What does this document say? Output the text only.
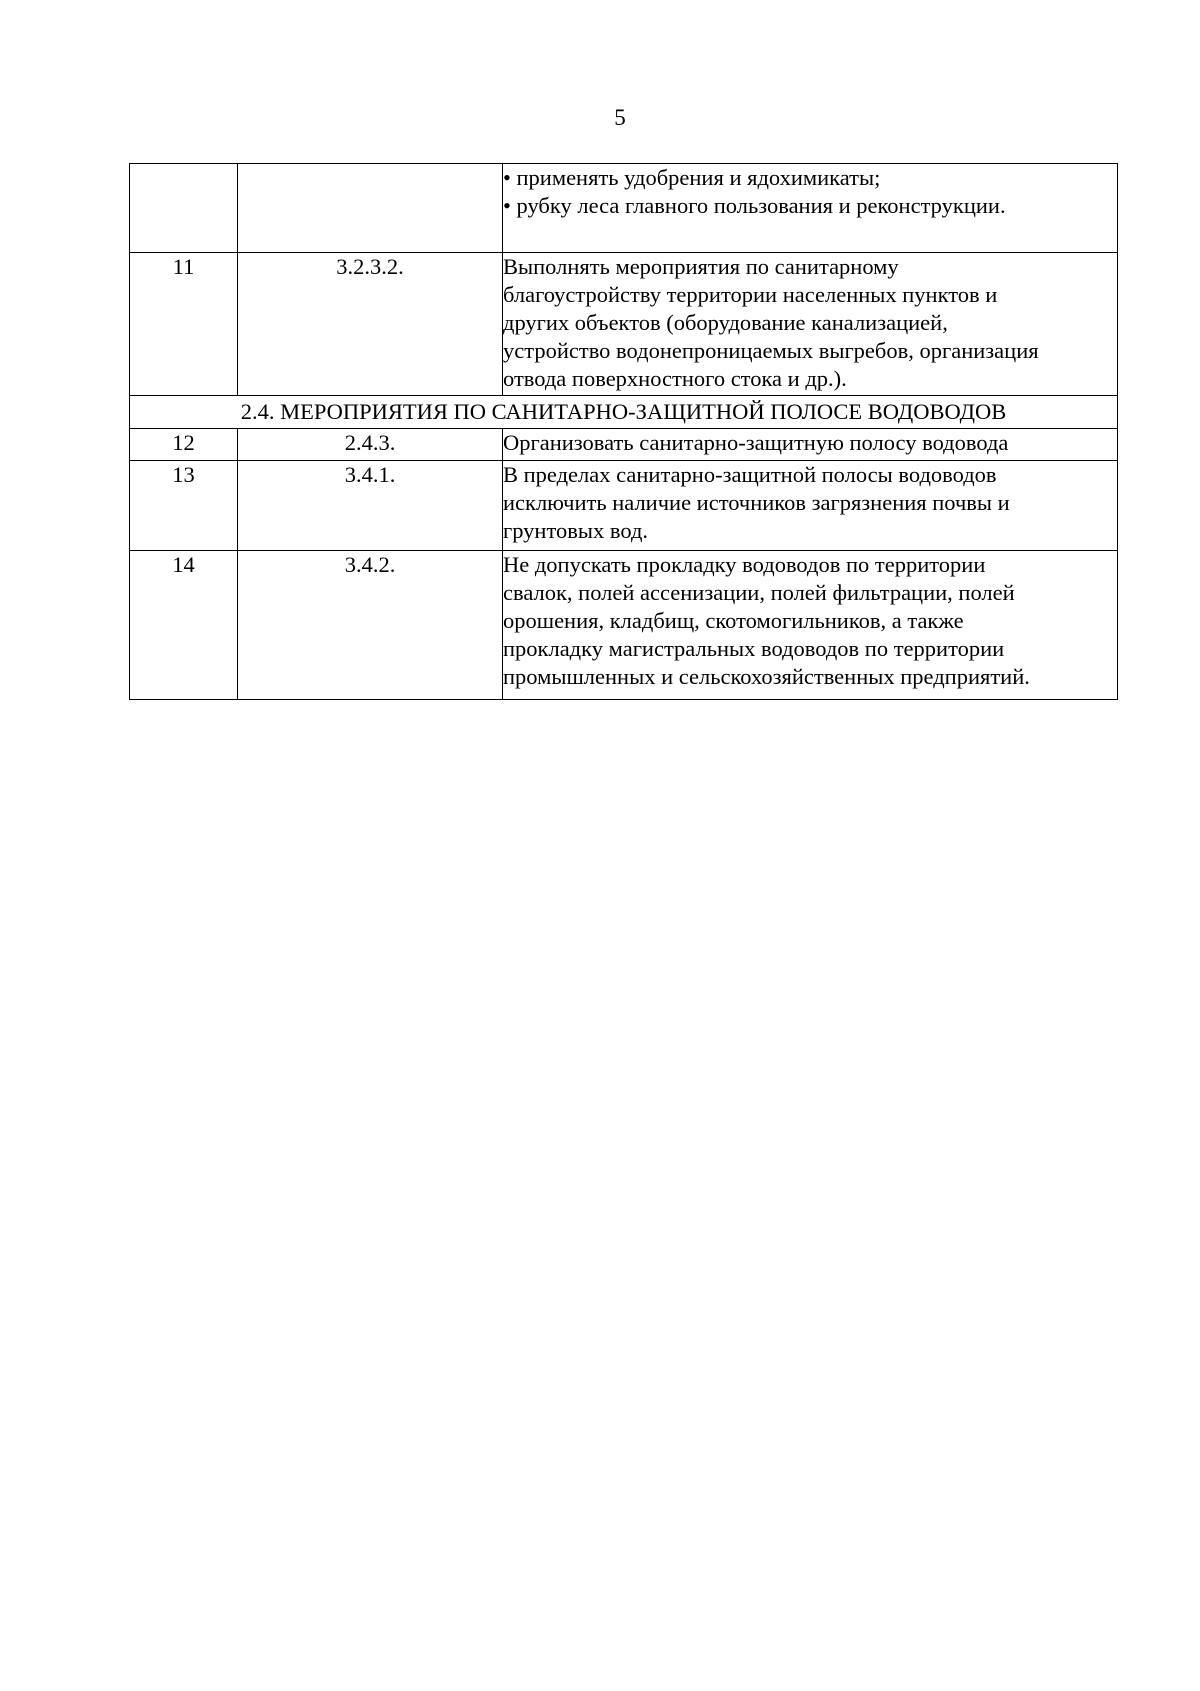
5

		• применять удобрения и ядохимикаты;
• рубку леса главного пользования и реконструкции.

11	3.2.3.2.	Выполнять мероприятия по санитарному
благоустройству территории населенных пунктов и
других объектов (оборудование канализацией,
устройство водонепроницаемых выгребов, организация
отвода поверхностного стока и др.).

2.4. МЕРОПРИЯТИЯ ПО САНИТАРНО-ЗАЩИТНОЙ ПОЛОСЕ ВОДОВОДОВ		
12	2.4.3.	Организовать санитарно-защитную полосу водовода

13	3.4.1.	В пределах санитарно-защитной полосы водоводов
исключить наличие источников загрязнения почвы и
грунтовых вод.

14	3.4.2.	Не допускать прокладку водоводов по территории
свалок, полей ассенизации, полей фильтрации, полей
орошения, кладбищ, скотомогильников, а также
прокладку магистральных водоводов по территории
промышленных и сельскохозяйственных предприятий.
